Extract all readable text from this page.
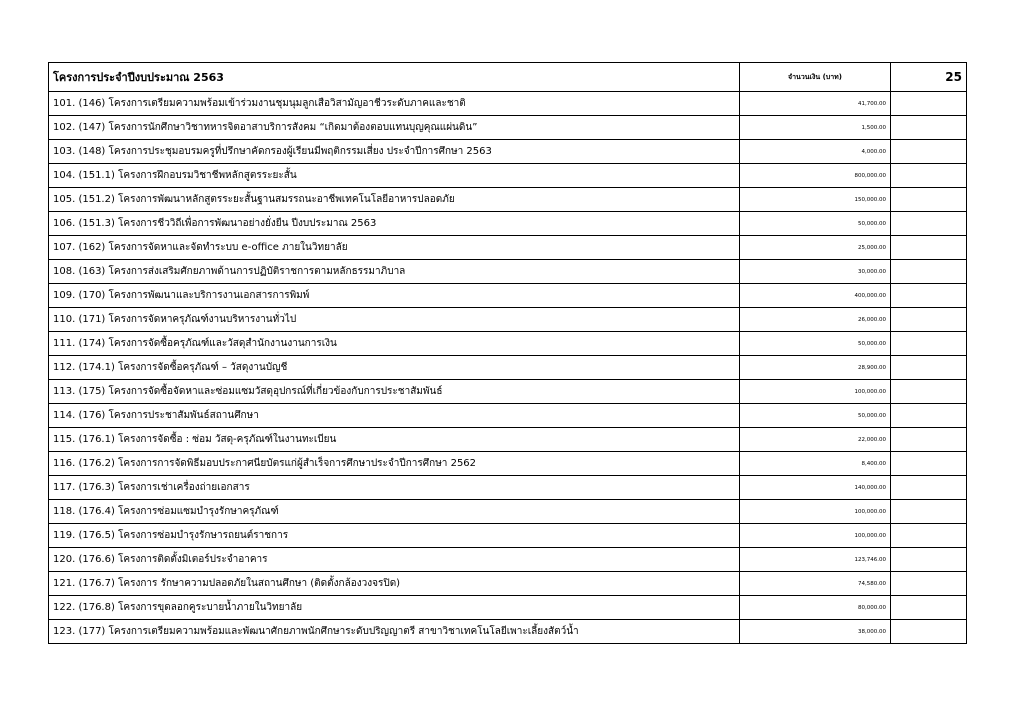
โครงการประจำปีงบประมาณ 2563	จำนวนเงิน (บาท)	25
101. (146) โครงการเตรียมความพร้อมเข้าร่วมงานชุมนุมลูกเสือวิสามัญอาชีวระดับภาคและชาติ	41,700.00	
102. (147) โครงการนักศึกษาวิชาทหารจิตอาสาบริการสังคม “เกิดมาต้องตอบแทนบุญคุณแผ่นดิน”	1,500.00	
103. (148) โครงการประชุมอบรมครูที่ปรึกษาคัดกรองผู้เรียนมีพฤติกรรมเสี่ยง ประจำปีการศึกษา 2563	4,000.00	
104. (151.1) โครงการฝึกอบรมวิชาชีพหลักสูตรระยะสั้น	800,000.00	
105. (151.2) โครงการพัฒนาหลักสูตรระยะสั้นฐานสมรรถนะอาชีพเทคโนโลยีอาหารปลอดภัย	150,000.00	
106. (151.3) โครงการชีววิถีเพื่อการพัฒนาอย่างยั่งยืน ปีงบประมาณ 2563	50,000.00	
107. (162) โครงการจัดหาและจัดทำระบบ e-office ภายในวิทยาลัย	25,000.00	
108. (163) โครงการส่งเสริมศักยภาพด้านการปฏิบัติราชการตามหลักธรรมาภิบาล	30,000.00	
109. (170) โครงการพัฒนาและบริการงานเอกสารการพิมพ์	400,000.00	
110. (171) โครงการจัดหาครุภัณฑ์งานบริหารงานทั่วไป	26,000.00	
111. (174) โครงการจัดซื้อครุภัณฑ์และวัสดุสำนักงานงานการเงิน	50,000.00	
112. (174.1) โครงการจัดซื้อครุภัณฑ์ – วัสดุงานบัญชี	28,900.00	
113. (175) โครงการจัดซื้อจัดหาและซ่อมแซมวัสดุอุปกรณ์ที่เกี่ยวข้องกับการประชาสัมพันธ์	100,000.00	
114. (176) โครงการประชาสัมพันธ์สถานศึกษา	50,000.00	
115. (176.1) โครงการจัดซื้อ : ซ่อม วัสดุ-ครุภัณฑ์ในงานทะเบียน	22,000.00	
116. (176.2) โครงการการจัดพิธีมอบประกาศนียบัตรแก่ผู้สำเร็จการศึกษาประจำปีการศึกษา 2562	8,400.00	
117. (176.3) โครงการเช่าเครื่องถ่ายเอกสาร	140,000.00	
118. (176.4) โครงการซ่อมแซมบำรุงรักษาครุภัณฑ์	100,000.00	
119. (176.5) โครงการซ่อมบำรุงรักษารถยนต์ราชการ	100,000.00	
120. (176.6) โครงการติดตั้งมิเตอร์ประจำอาคาร	123,746.00	
121. (176.7) โครงการ รักษาความปลอดภัยในสถานศึกษา (ติดตั้งกล้องวงจรปิด)	74,580.00	
122. (176.8) โครงการขุดลอกคูระบายน้ำภายในวิทยาลัย	80,000.00	
123. (177) โครงการเตรียมความพร้อมและพัฒนาศักยภาพนักศึกษาระดับปริญญาตรี สาขาวิชาเทคโนโลยีเพาะเลี้ยงสัตว์น้ำ	38,000.00	
